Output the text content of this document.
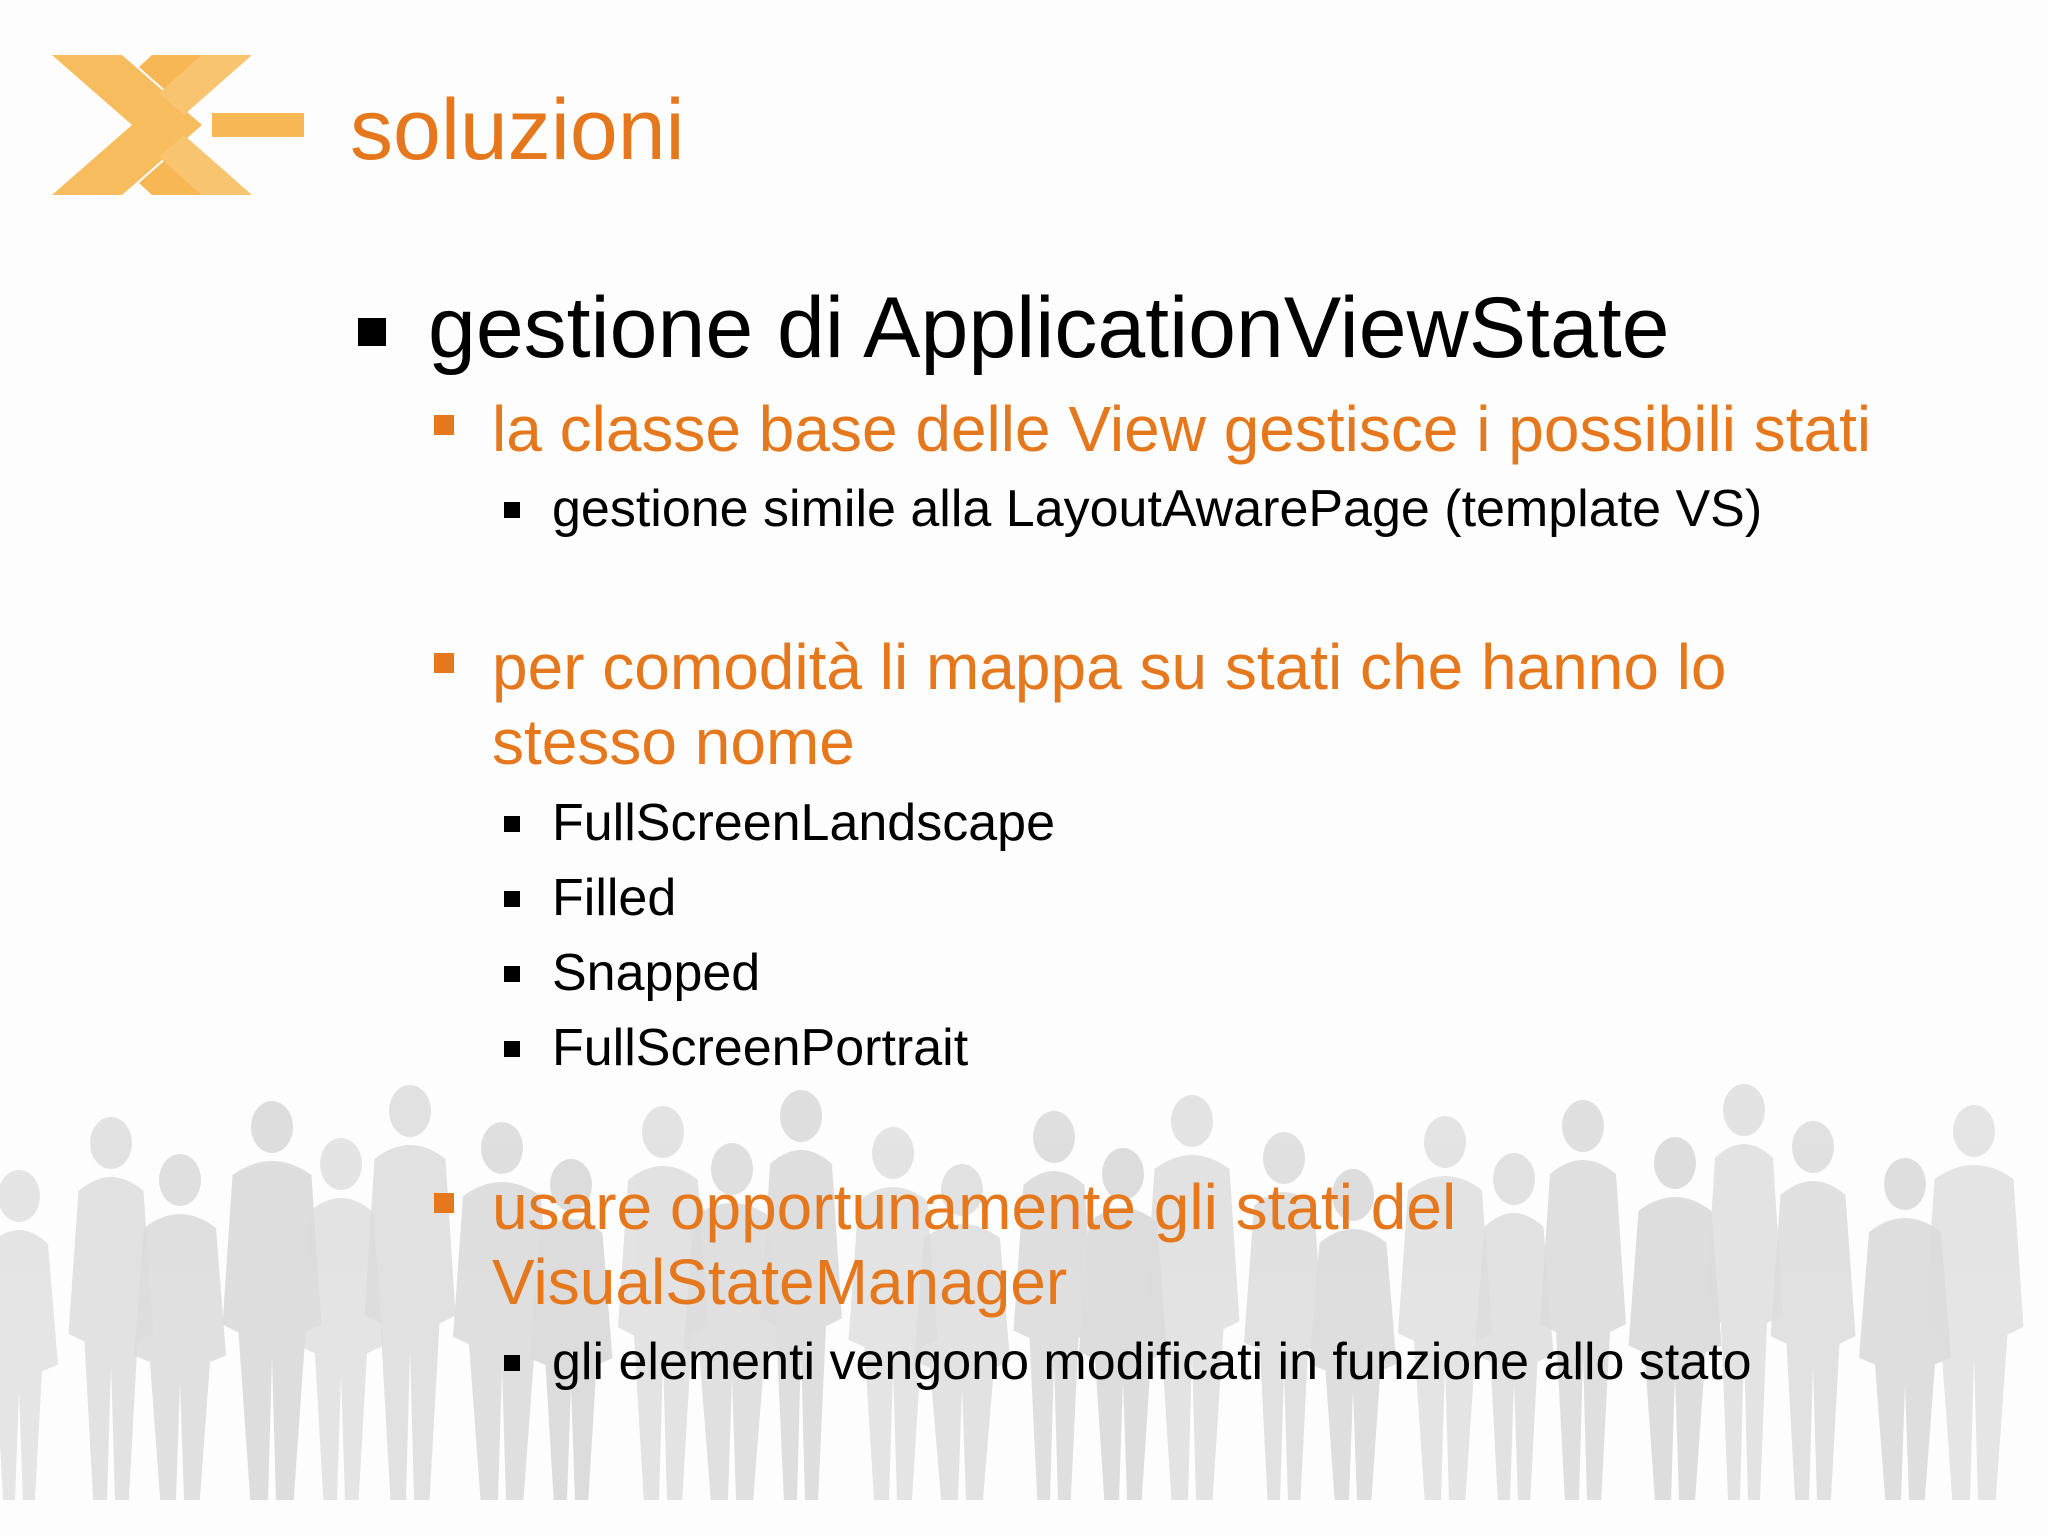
soluzioni
gestione di ApplicationViewState
la classe base delle View gestisce i possibili stati
gestione simile alla LayoutAwarePage (template VS)
per comodità li mappa su stati che hanno lo
stesso nome
FullScreenLandscape
Filled
Snapped
FullScreenPortrait
usare opportunamente gli stati del
VisualStateManager
gli elementi vengono modificati in funzione allo stato
